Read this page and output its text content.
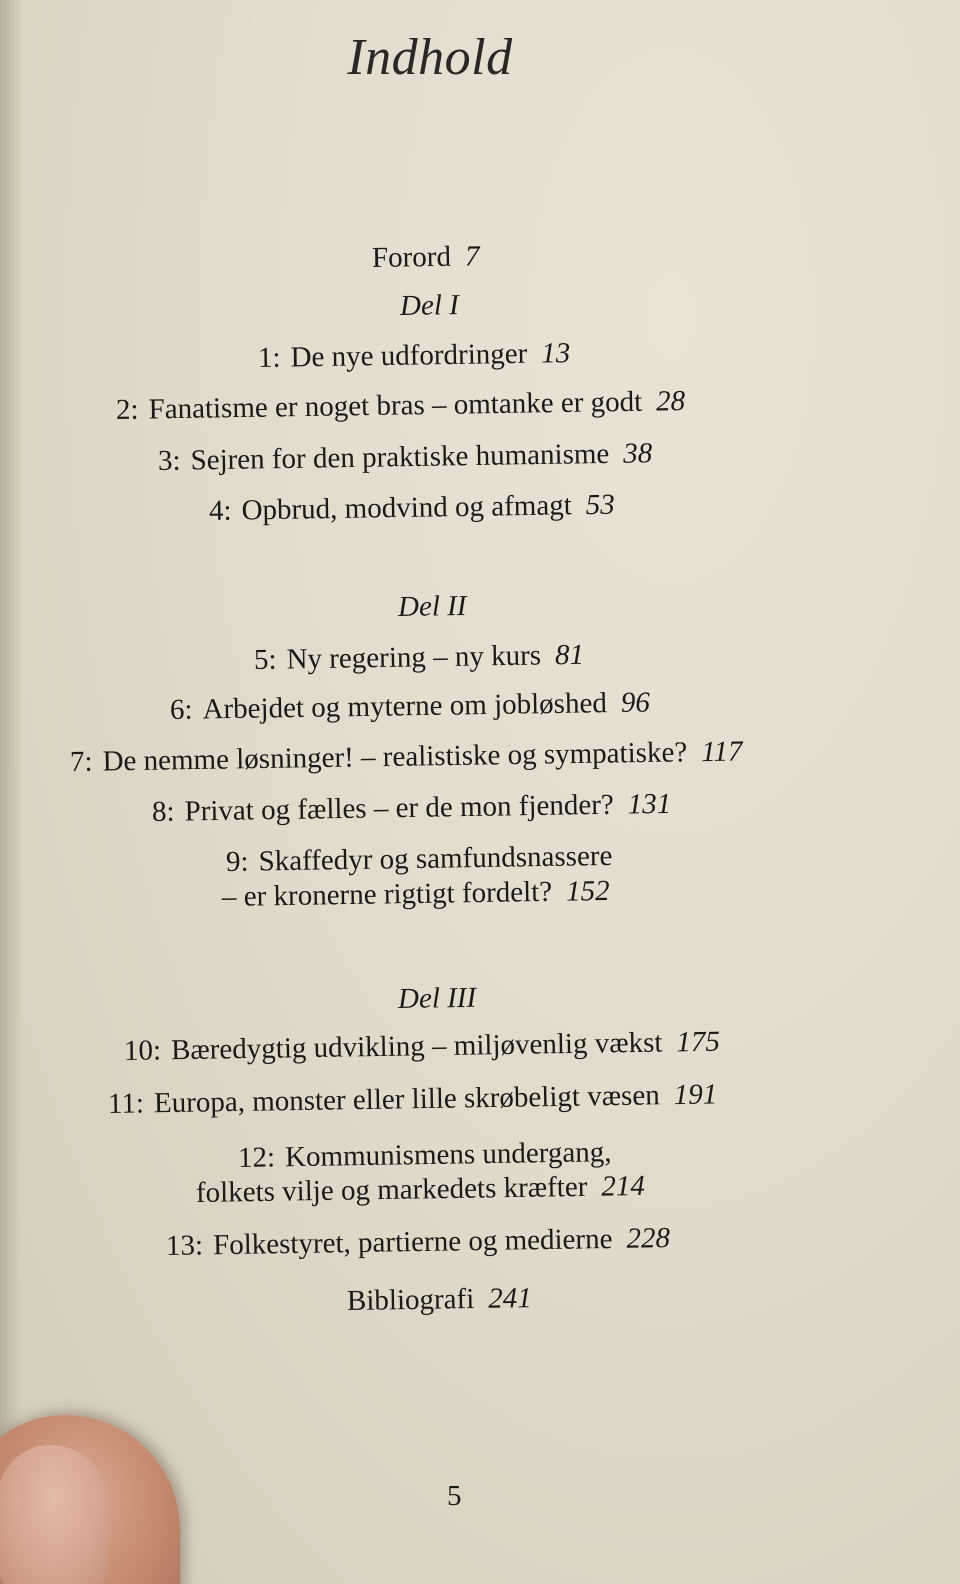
Indhold
Forord 7
Del I
1: De nye udfordringer 13
2: Fanatisme er noget bras – omtanke er godt 28
3: Sejren for den praktiske humanisme 38
4: Opbrud, modvind og afmagt 53
Del II
5: Ny regering – ny kurs 81
6: Arbejdet og myterne om jobløshed 96
7: De nemme løsninger! – realistiske og sympatiske? 117
8: Privat og fælles – er de mon fjender? 131
9: Skaffedyr og samfundsnassere
– er kronerne rigtigt fordelt? 152
Del III
10: Bæredygtig udvikling – miljøvenlig vækst 175
11: Europa, monster eller lille skrøbeligt væsen 191
12: Kommunismens undergang,
folkets vilje og markedets kræfter 214
13: Folkestyret, partierne og medierne 228
Bibliografi 241
5
